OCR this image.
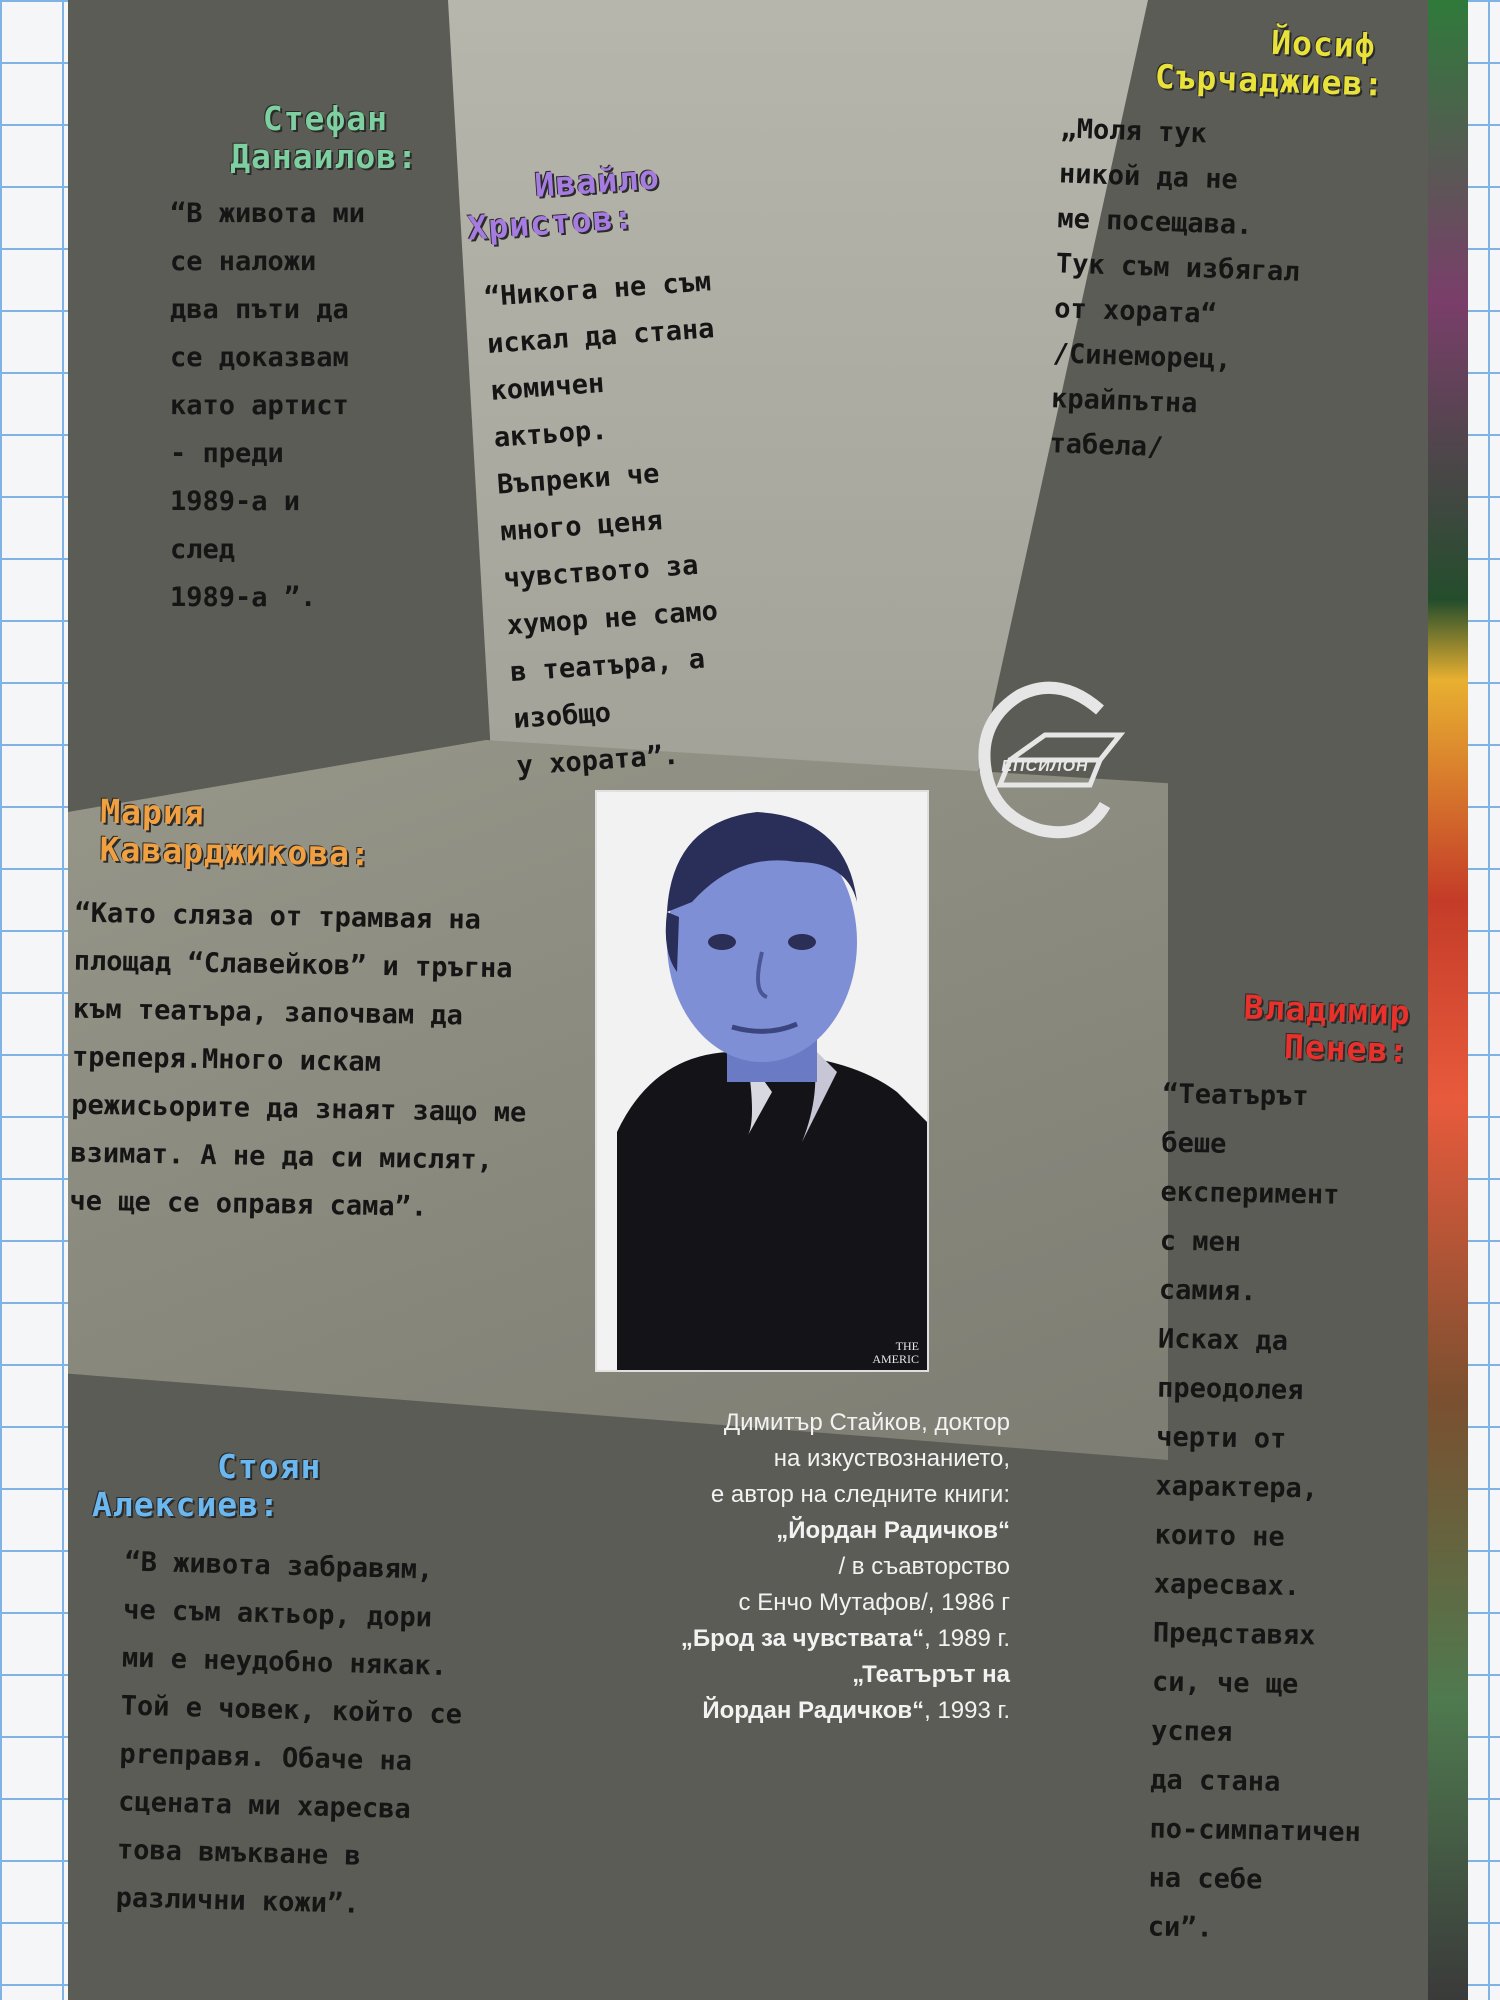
Стефан
Данаилов:
“В живота ми
се наложи
два пъти да
се доказвам
като артист
- преди
1989-а и
след
1989-а ”.
Ивайло
Христов:
“Никога не съм
искал да стана
комичен
актьор.
Въпреки че
много ценя
чувството за
хумор не само
в театъра, а
изобщо
у хората”.
Йосиф
Сърчаджиев:
„Моля тук
никой да не
ме посещава.
Тук съм избягал
от хората“
/Синеморец,
крайпътна
табела/
Мария
Каварджикова:
“Като сляза от трамвая на
площад “Славейков” и тръгна
към театъра, започвам да
треперя.Много искам
режисьорите да знаят защо ме
взимат. А не да си мислят,
че ще се оправя сама”.
THE
AMERIC
ЕПСИЛОН
Димитър Стайков, доктор
на изкуствознанието,
е автор на следните книги:
„Йордан Радичков“
/ в съавторство
с Енчо Мутафов/, 1986 г
„Брод за чувствата“, 1989 г.
„Театърът на
Йордан Радичков“, 1993 г.
Владимир
Пенев:
“Театърът
беше
експеримент
с мен
самия.
Исках да
преодолея
черти от
характера,
които не
харесвах.
Представях
си, че ще
успея
да стана
по-симпатичен
на себе
си”.
Стоян
Алексиев:
“В живота забравям,
че съм актьор, дори
ми е неудобно някак.
Той е човек, който се
preправя. Обаче на
сцената ми харесва
това вмъкване в
различни кожи”.
